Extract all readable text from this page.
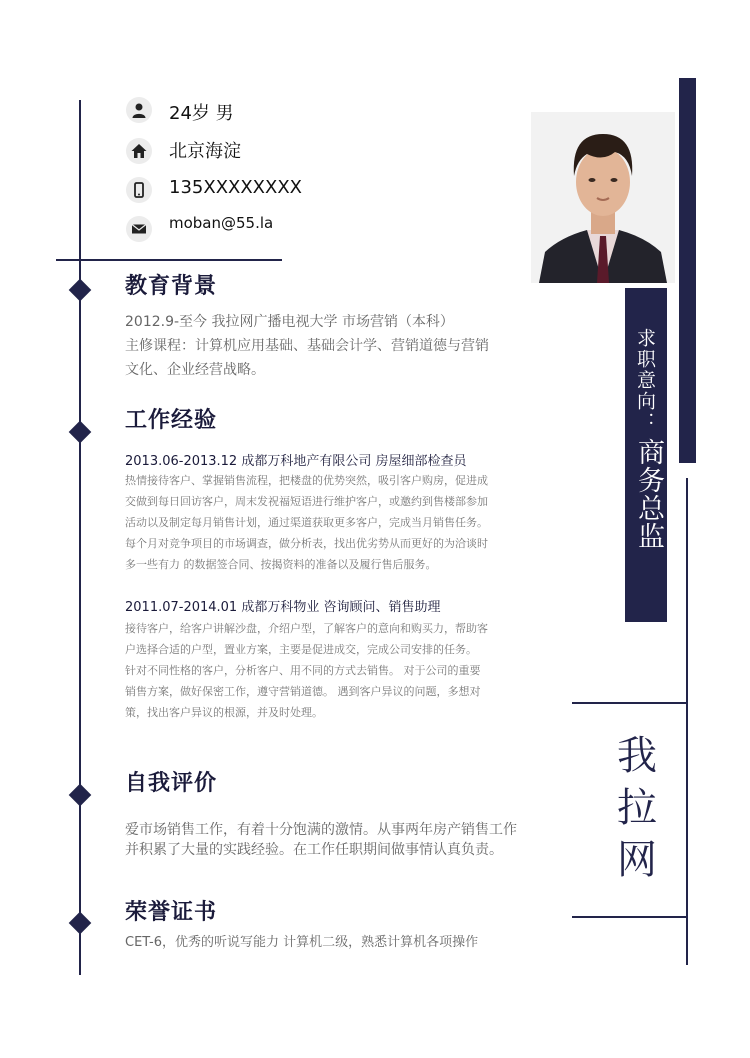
24岁 男
北京海淀
135XXXXXXXX
moban@55.la
教育背景
2012.9-至今 我拉网广播电视大学 市场营销（本科）
主修课程：计算机应用基础、基础会计学、营销道德与营销
文化、企业经营战略。
工作经验
2013.06-2013.12 成都万科地产有限公司 房屋细部检查员
热情接待客户、掌握销售流程，把楼盘的优势突然，吸引客户购房，促进成
交做到每日回访客户，周末发祝福短语进行维护客户，或邀约到售楼部参加
活动以及制定每月销售计划，通过渠道获取更多客户，完成当月销售任务。
每个月对竞争项目的市场调查，做分析表，找出优劣势从而更好的为洽谈时
多一些有力 的数据签合同、按揭资料的准备以及履行售后服务。
2011.07-2014.01 成都万科物业 咨询顾问、销售助理
接待客户，给客户讲解沙盘，介绍户型，了解客户的意向和购买力，帮助客
户选择合适的户型，置业方案，主要是促进成交，完成公司安排的任务。
针对不同性格的客户，分析客户、用不同的方式去销售。 对于公司的重要
销售方案，做好保密工作，遵守营销道德。 遇到客户异议的问题，多想对
策，找出客户异议的根源，并及时处理。
自我评价
爱市场销售工作，有着十分饱满的激情。从事两年房产销售工作
并积累了大量的实践经验。在工作任职期间做事情认真负责。
荣誉证书
CET-6，优秀的听说写能力 计算机二级，熟悉计算机各项操作
求职意向：
商务总监
我
拉
网
